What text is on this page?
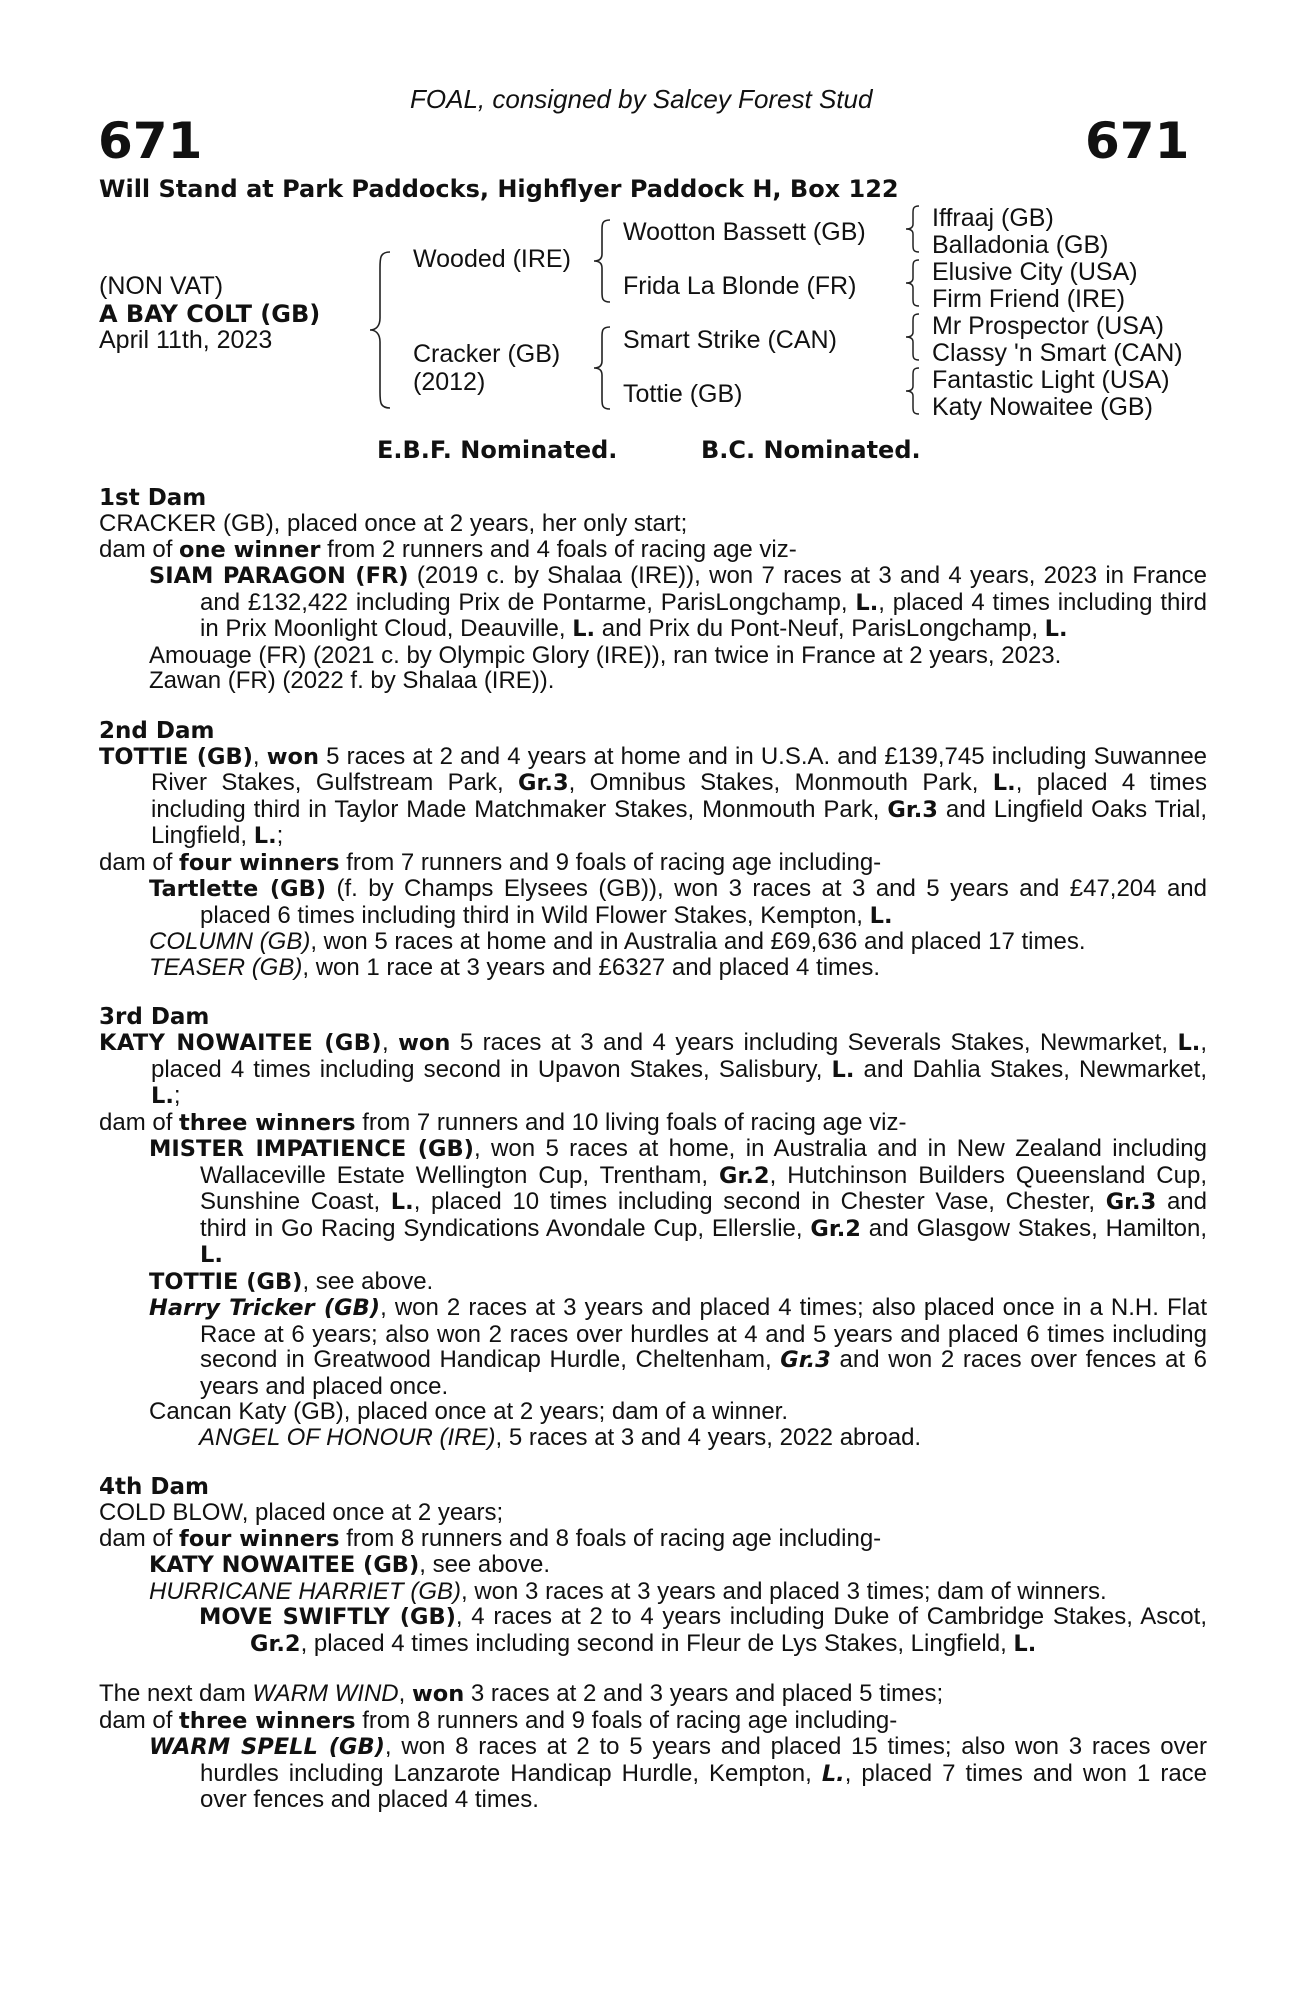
FOAL, consigned by Salcey Forest Stud
671	671
Will Stand at Park Paddocks, Highflyer Paddock H, Box 122
(NON VAT)
A BAY COLT (GB)
April 11th, 2023
Wooded (IRE)
Cracker (GB)
(2012)
Wootton Bassett (GB)
Frida La Blonde (FR)
Smart Strike (CAN)
Tottie (GB)
Iffraaj (GB)
Balladonia (GB)
Elusive City (USA)
Firm Friend (IRE)
Mr Prospector (USA)
Classy 'n Smart (CAN)
Fantastic Light (USA)
Katy Nowaitee (GB)
E.B.F. Nominated.	B.C. Nominated.
1st Dam
CRACKER (GB), placed once at 2 years, her only start;
dam of one winner from 2 runners and 4 foals of racing age viz-
SIAM PARAGON (FR) (2019 c. by Shalaa (IRE)), won 7 races at 3 and 4 years, 2023 in France and £132,422 including Prix de Pontarme, ParisLongchamp, L., placed 4 times including third in Prix Moonlight Cloud, Deauville, L. and Prix du Pont-Neuf, ParisLongchamp, L.
Amouage (FR) (2021 c. by Olympic Glory (IRE)), ran twice in France at 2 years, 2023.
Zawan (FR) (2022 f. by Shalaa (IRE)).
2nd Dam
TOTTIE (GB), won 5 races at 2 and 4 years at home and in U.S.A. and £139,745 including Suwannee River Stakes, Gulfstream Park, Gr.3, Omnibus Stakes, Monmouth Park, L., placed 4 times including third in Taylor Made Matchmaker Stakes, Monmouth Park, Gr.3 and Lingfield Oaks Trial, Lingfield, L.;
dam of four winners from 7 runners and 9 foals of racing age including-
Tartlette (GB) (f. by Champs Elysees (GB)), won 3 races at 3 and 5 years and £47,204 and placed 6 times including third in Wild Flower Stakes, Kempton, L.
COLUMN (GB), won 5 races at home and in Australia and £69,636 and placed 17 times.
TEASER (GB), won 1 race at 3 years and £6327 and placed 4 times.
3rd Dam
KATY NOWAITEE (GB), won 5 races at 3 and 4 years including Severals Stakes, Newmarket, L., placed 4 times including second in Upavon Stakes, Salisbury, L. and Dahlia Stakes, Newmarket, L.;
dam of three winners from 7 runners and 10 living foals of racing age viz-
MISTER IMPATIENCE (GB), won 5 races at home, in Australia and in New Zealand including Wallaceville Estate Wellington Cup, Trentham, Gr.2, Hutchinson Builders Queensland Cup, Sunshine Coast, L., placed 10 times including second in Chester Vase, Chester, Gr.3 and third in Go Racing Syndications Avondale Cup, Ellerslie, Gr.2 and Glasgow Stakes, Hamilton, L.
TOTTIE (GB), see above.
Harry Tricker (GB), won 2 races at 3 years and placed 4 times; also placed once in a N.H. Flat Race at 6 years; also won 2 races over hurdles at 4 and 5 years and placed 6 times including second in Greatwood Handicap Hurdle, Cheltenham, Gr.3 and won 2 races over fences at 6 years and placed once.
Cancan Katy (GB), placed once at 2 years; dam of a winner.
ANGEL OF HONOUR (IRE), 5 races at 3 and 4 years, 2022 abroad.
4th Dam
COLD BLOW, placed once at 2 years;
dam of four winners from 8 runners and 8 foals of racing age including-
KATY NOWAITEE (GB), see above.
HURRICANE HARRIET (GB), won 3 races at 3 years and placed 3 times; dam of winners.
MOVE SWIFTLY (GB), 4 races at 2 to 4 years including Duke of Cambridge Stakes, Ascot, Gr.2, placed 4 times including second in Fleur de Lys Stakes, Lingfield, L.
The next dam WARM WIND, won 3 races at 2 and 3 years and placed 5 times;
dam of three winners from 8 runners and 9 foals of racing age including-
WARM SPELL (GB), won 8 races at 2 to 5 years and placed 15 times; also won 3 races over hurdles including Lanzarote Handicap Hurdle, Kempton, L., placed 7 times and won 1 race over fences and placed 4 times.
